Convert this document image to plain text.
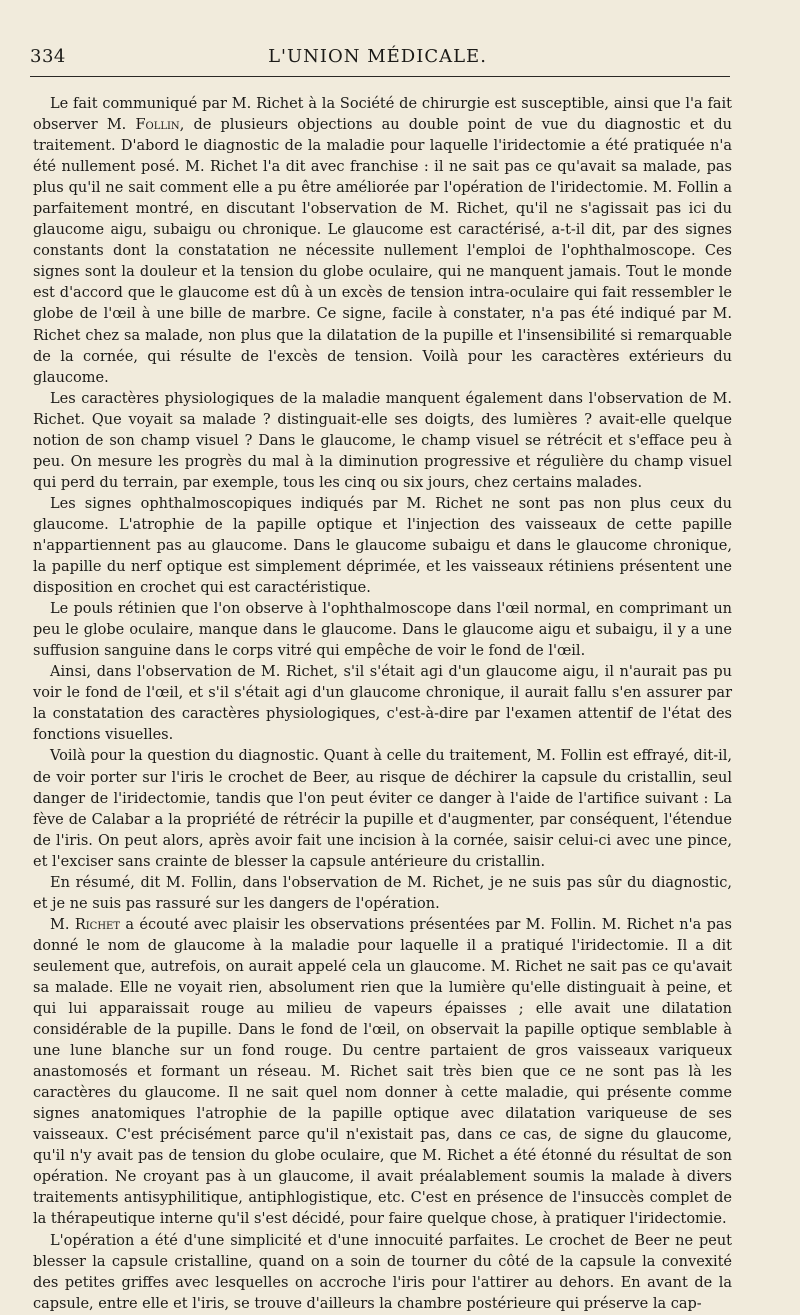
334	L'UNION MÉDICALE.

Le fait communiqué par M. Richet à la Société de chirurgie est susceptible, ainsi que l'a fait observer M. Follin, de plusieurs objections au double point de vue du diagnostic et du traitement. D'abord le diagnostic de la maladie pour laquelle l'iridectomie a été pratiquée n'a été nullement posé. M. Richet l'a dit avec franchise : il ne sait pas ce qu'avait sa malade, pas plus qu'il ne sait comment elle a pu être améliorée par l'opération de l'iridectomie. M. Follin a parfaitement montré, en discutant l'observation de M. Richet, qu'il ne s'agissait pas ici du glaucome aigu, subaigu ou chronique. Le glaucome est caractérisé, a-t-il dit, par des signes constants dont la constatation ne nécessite nullement l'emploi de l'ophthalmoscope. Ces signes sont la douleur et la tension du globe oculaire, qui ne manquent jamais. Tout le monde est d'accord que le glaucome est dû à un excès de tension intra-oculaire qui fait ressembler le globe de l'œil à une bille de marbre. Ce signe, facile à constater, n'a pas été indiqué par M. Richet chez sa malade, non plus que la dilatation de la pupille et l'insensibilité si remarquable de la cornée, qui résulte de l'excès de tension. Voilà pour les caractères extérieurs du glaucome.

Les caractères physiologiques de la maladie manquent également dans l'observation de M. Richet. Que voyait sa malade ? distinguait-elle ses doigts, des lumières ? avait-elle quelque notion de son champ visuel ? Dans le glaucome, le champ visuel se rétrécit et s'efface peu à peu. On mesure les progrès du mal à la diminution progressive et régulière du champ visuel qui perd du terrain, par exemple, tous les cinq ou six jours, chez certains malades.

Les signes ophthalmoscopiques indiqués par M. Richet ne sont pas non plus ceux du glaucome. L'atrophie de la papille optique et l'injection des vaisseaux de cette papille n'appartiennent pas au glaucome. Dans le glaucome subaigu et dans le glaucome chronique, la papille du nerf optique est simplement déprimée, et les vaisseaux rétiniens présentent une disposition en crochet qui est caractéristique.

Le pouls rétinien que l'on observe à l'ophthalmoscope dans l'œil normal, en comprimant un peu le globe oculaire, manque dans le glaucome. Dans le glaucome aigu et subaigu, il y a une suffusion sanguine dans le corps vitré qui empêche de voir le fond de l'œil.

Ainsi, dans l'observation de M. Richet, s'il s'était agi d'un glaucome aigu, il n'aurait pas pu voir le fond de l'œil, et s'il s'était agi d'un glaucome chronique, il aurait fallu s'en assurer par la constatation des caractères physiologiques, c'est-à-dire par l'examen attentif de l'état des fonctions visuelles.

Voilà pour la question du diagnostic. Quant à celle du traitement, M. Follin est effrayé, dit-il, de voir porter sur l'iris le crochet de Beer, au risque de déchirer la capsule du cristallin, seul danger de l'iridectomie, tandis que l'on peut éviter ce danger à l'aide de l'artifice suivant : La fève de Calabar a la propriété de rétrécir la pupille et d'augmenter, par conséquent, l'étendue de l'iris. On peut alors, après avoir fait une incision à la cornée, saisir celui-ci avec une pince, et l'exciser sans crainte de blesser la capsule antérieure du cristallin.

En résumé, dit M. Follin, dans l'observation de M. Richet, je ne suis pas sûr du diagnostic, et je ne suis pas rassuré sur les dangers de l'opération.

M. Richet a écouté avec plaisir les observations présentées par M. Follin. M. Richet n'a pas donné le nom de glaucome à la maladie pour laquelle il a pratiqué l'iridectomie. Il a dit seulement que, autrefois, on aurait appelé cela un glaucome. M. Richet ne sait pas ce qu'avait sa malade. Elle ne voyait rien, absolument rien que la lumière qu'elle distinguait à peine, et qui lui apparaissait rouge au milieu de vapeurs épaisses ; elle avait une dilatation considérable de la pupille. Dans le fond de l'œil, on observait la papille optique semblable à une lune blanche sur un fond rouge. Du centre partaient de gros vaisseaux variqueux anastomosés et formant un réseau. M. Richet sait très bien que ce ne sont pas là les caractères du glaucome. Il ne sait quel nom donner à cette maladie, qui présente comme signes anatomiques l'atrophie de la papille optique avec dilatation variqueuse de ses vaisseaux. C'est précisément parce qu'il n'existait pas, dans ce cas, de signe du glaucome, qu'il n'y avait pas de tension du globe oculaire, que M. Richet a été étonné du résultat de son opération. Ne croyant pas à un glaucome, il avait préalablement soumis la malade à divers traitements antisyphilitique, antiphlogistique, etc. C'est en présence de l'insuccès complet de la thérapeutique interne qu'il s'est décidé, pour faire quelque chose, à pratiquer l'iridectomie.

L'opération a été d'une simplicité et d'une innocuité parfaites. Le crochet de Beer ne peut blesser la capsule cristalline, quand on a soin de tourner du côté de la capsule la convexité des petites griffes avec lesquelles on accroche l'iris pour l'attirer au dehors. En avant de la capsule, entre elle et l'iris, se trouve d'ailleurs la chambre postérieure qui préserve la cap-
